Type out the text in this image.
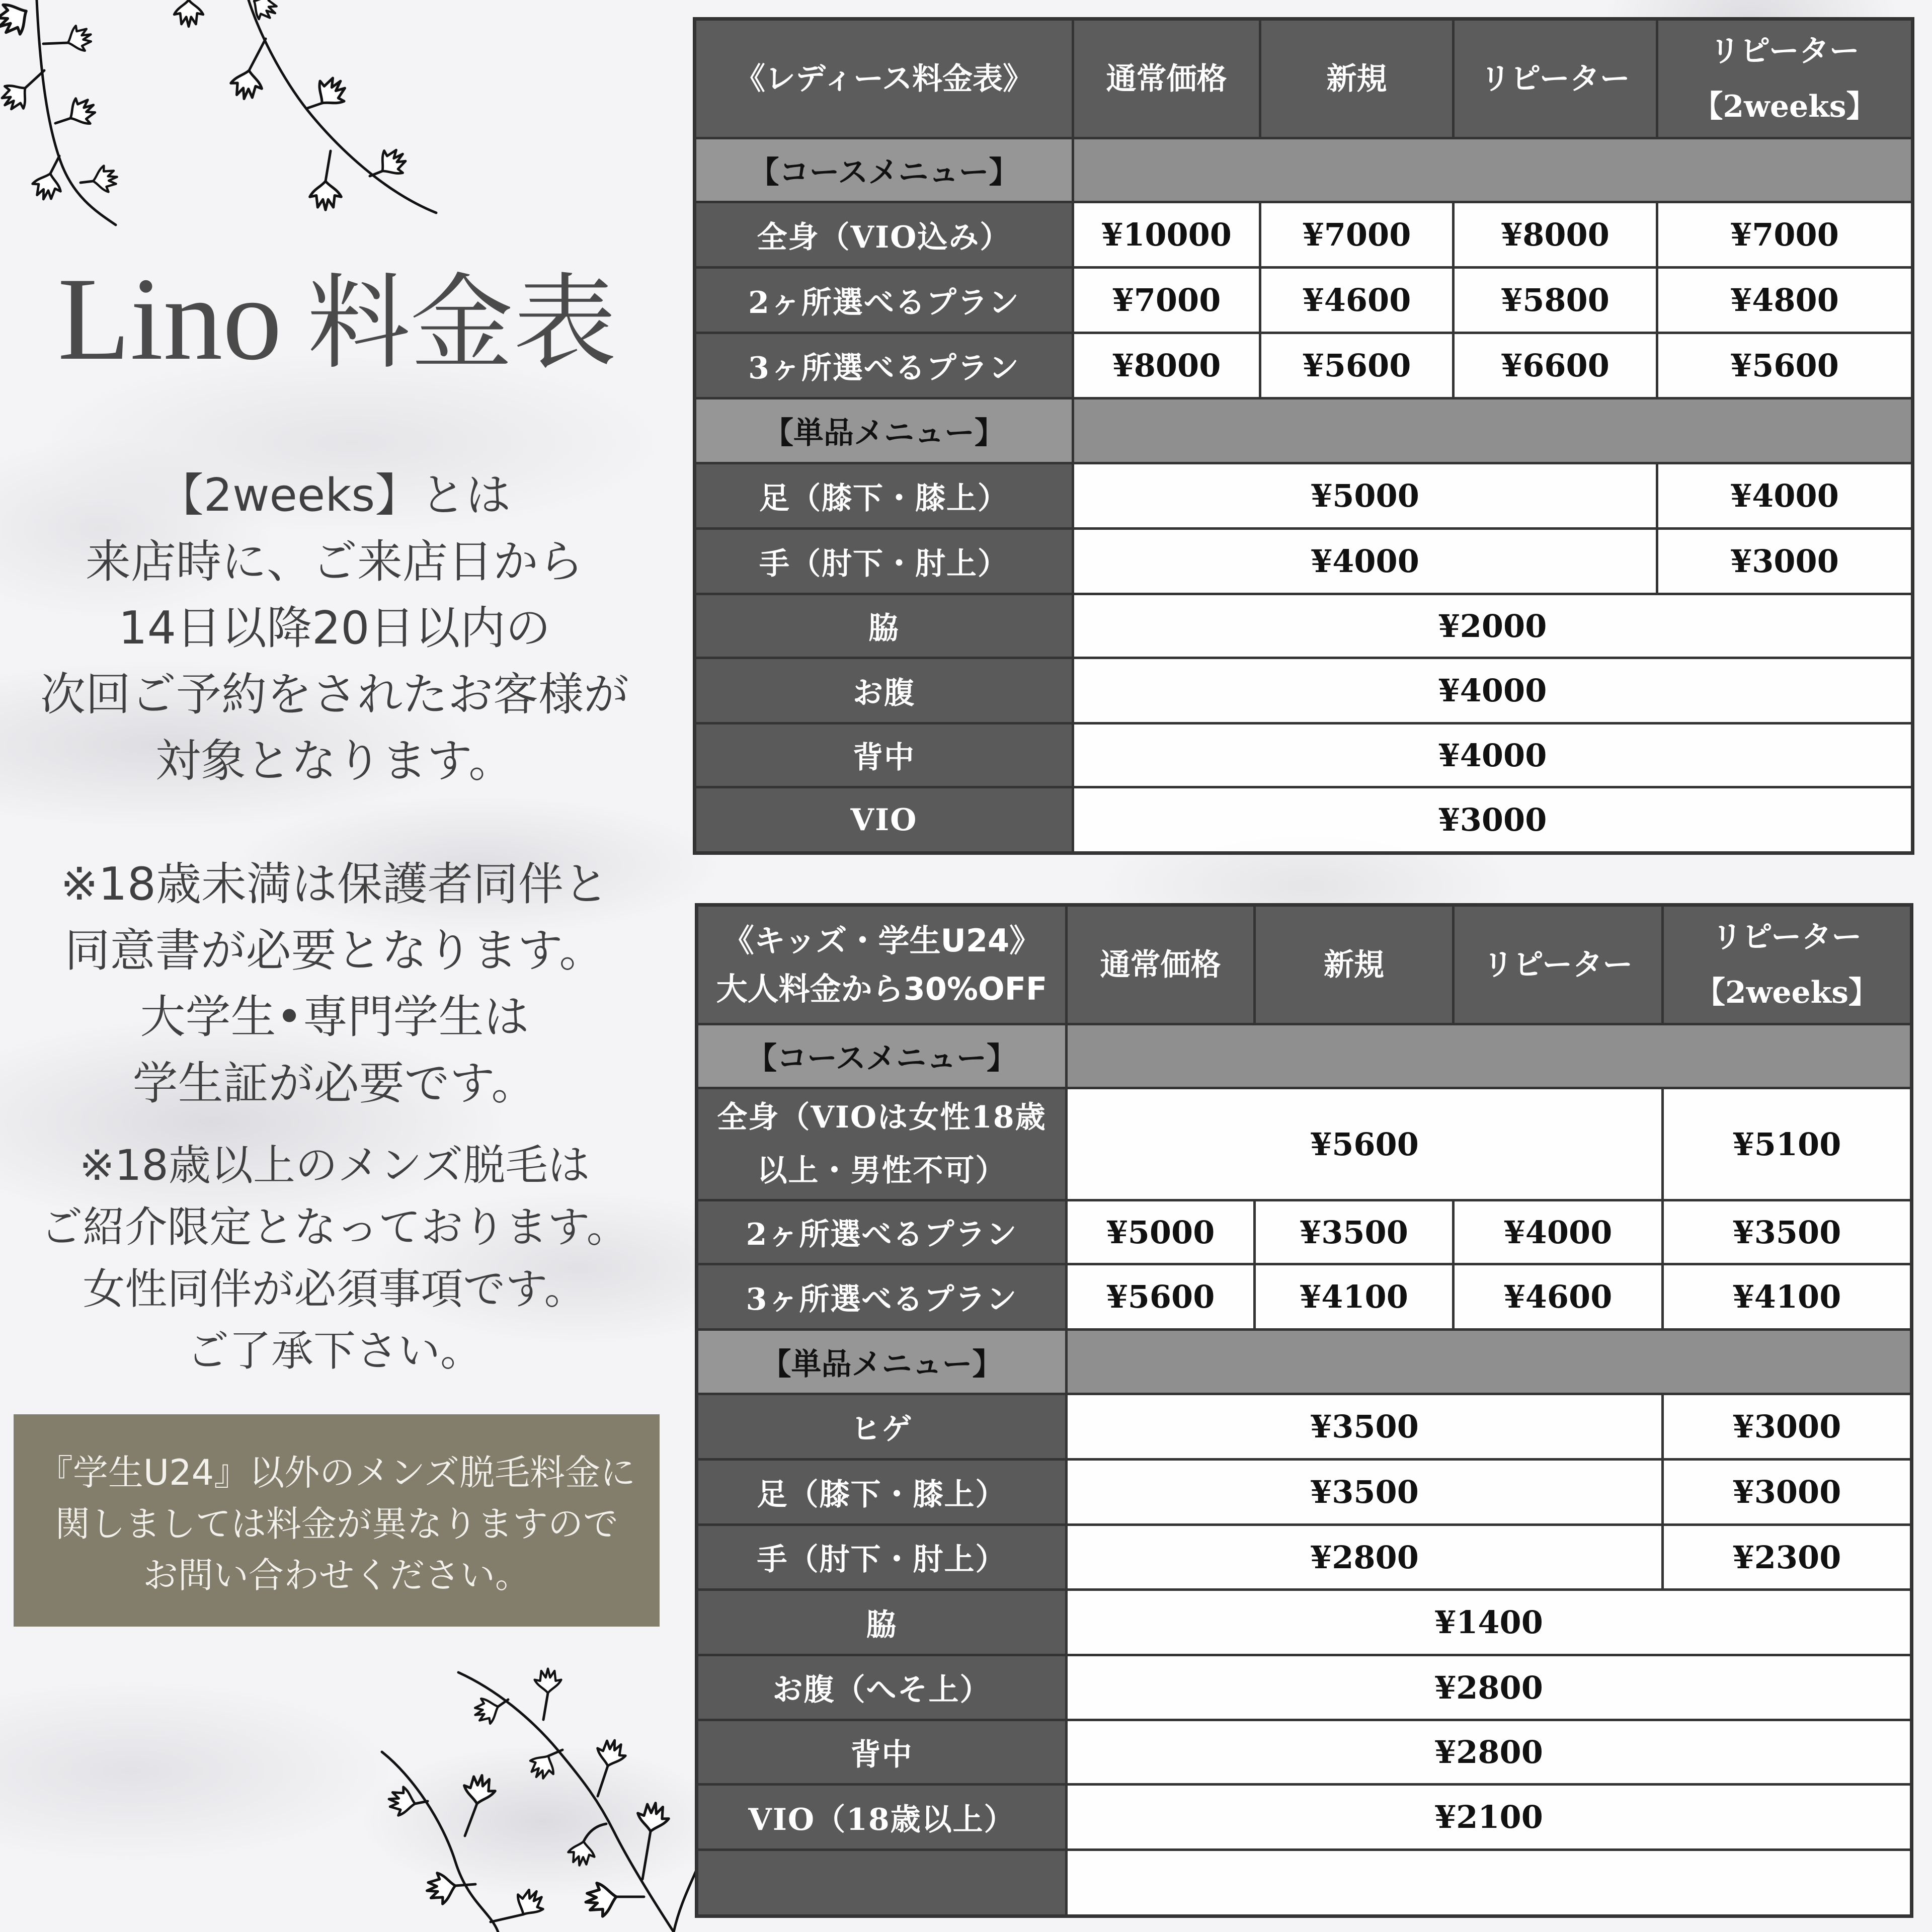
Lino 料金表
【2weeks】とは
来店時に、ご来店日から
14日以降20日以内の
次回ご予約をされたお客様が
対象となります。
※18歳未満は保護者同伴と
同意書が必要となります。
大学生•専門学生は
学生証が必要です。
※18歳以上のメンズ脱毛は
ご紹介限定となっております。
女性同伴が必須事項です。
ご了承下さい。
『学生U24』以外のメンズ脱毛料金に
関しましては料金が異なりますので
お問い合わせください。
《レディース料金表》	通常価格	新規	リピーター	リピーター
【2weeks】

【コースメニュー】				
全身（VIO込み）	¥10000	¥7000	¥8000	¥7000
2ヶ所選べるプラン	¥7000	¥4600	¥5800	¥4800
3ヶ所選べるプラン	¥8000	¥5600	¥6600	¥5600
【単品メニュー】				
足（膝下・膝上）	¥5000			¥4000
手（肘下・肘上）	¥4000			¥3000
脇	¥2000			
お腹	¥4000			
背中	¥4000			
VIO	¥3000			
《キッズ・学生U24》
大人料金から30%OFF	通常価格	新規	リピーター	リピーター
【2weeks】

【コースメニュー】				

全身（VIOは女性18歳
以上・男性不可）	¥5600			¥5100
2ヶ所選べるプラン	¥5000	¥3500	¥4000	¥3500
3ヶ所選べるプラン	¥5600	¥4100	¥4600	¥4100
【単品メニュー】				
ヒゲ	¥3500			¥3000
足（膝下・膝上）	¥3500			¥3000
手（肘下・肘上）	¥2800			¥2300
脇	¥1400			
お腹（へそ上）	¥2800			
背中	¥2800			
VIO（18歳以上）	¥2100			
